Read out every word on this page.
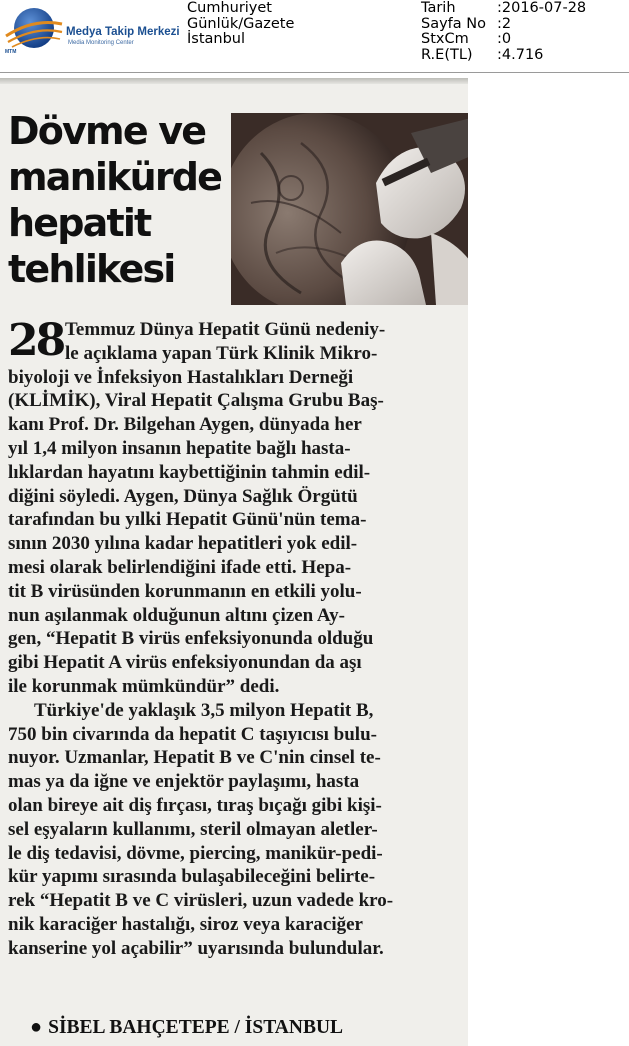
Medya Takip Merkezi

Media Monitoring Center
MTM
Cumhuriyet
Günlük/Gazete
İstanbul
Tarih	:2016-07-28
Sayfa No :2
StxCm :0
R.E(TL) :4.716
Dövme ve
manikürde
hepatit
tehlikesi
28 Temmuz Dünya Hepatit Günü nedeniy-
le açıklama yapan Türk Klinik Mikro-
biyoloji ve İnfeksiyon Hastalıkları Derneği
(KLİMİK), Viral Hepatit Çalışma Grubu Baş-
kanı Prof. Dr. Bilgehan Aygen, dünyada her
yıl 1,4 milyon insanın hepatite bağlı hasta-
lıklardan hayatını kaybettiğinin tahmin edil-
diğini söyledi. Aygen, Dünya Sağlık Örgütü
tarafından bu yılki Hepatit Günü'nün tema-
sının 2030 yılına kadar hepatitleri yok edil-
mesi olarak belirlendiğini ifade etti. Hepa-
tit B virüsünden korunmanın en etkili yolu-
nun aşılanmak olduğunun altını çizen Ay-
gen, “Hepatit B virüs enfeksiyonunda olduğu
gibi Hepatit A virüs enfeksiyonundan da aşı
ile korunmak mümkündür” dedi.
Türkiye'de yaklaşık 3,5 milyon Hepatit B,
750 bin civarında da hepatit C taşıyıcısı bulu-
nuyor. Uzmanlar, Hepatit B ve C'nin cinsel te-
mas ya da iğne ve enjektör paylaşımı, hasta
olan bireye ait diş fırçası, tıraş bıçağı gibi kişi-
sel eşyaların kullanımı, steril olmayan aletler-
le diş tedavisi, dövme, piercing, manikür-pedi-
kür yapımı sırasında bulaşabileceğini belirte-
rek “Hepatit B ve C virüsleri, uzun vadede kro-
nik karaciğer hastalığı, siroz veya karaciğer
kanserine yol açabilir” uyarısında bulundular.
● SİBEL BAHÇETEPE / İSTANBUL
